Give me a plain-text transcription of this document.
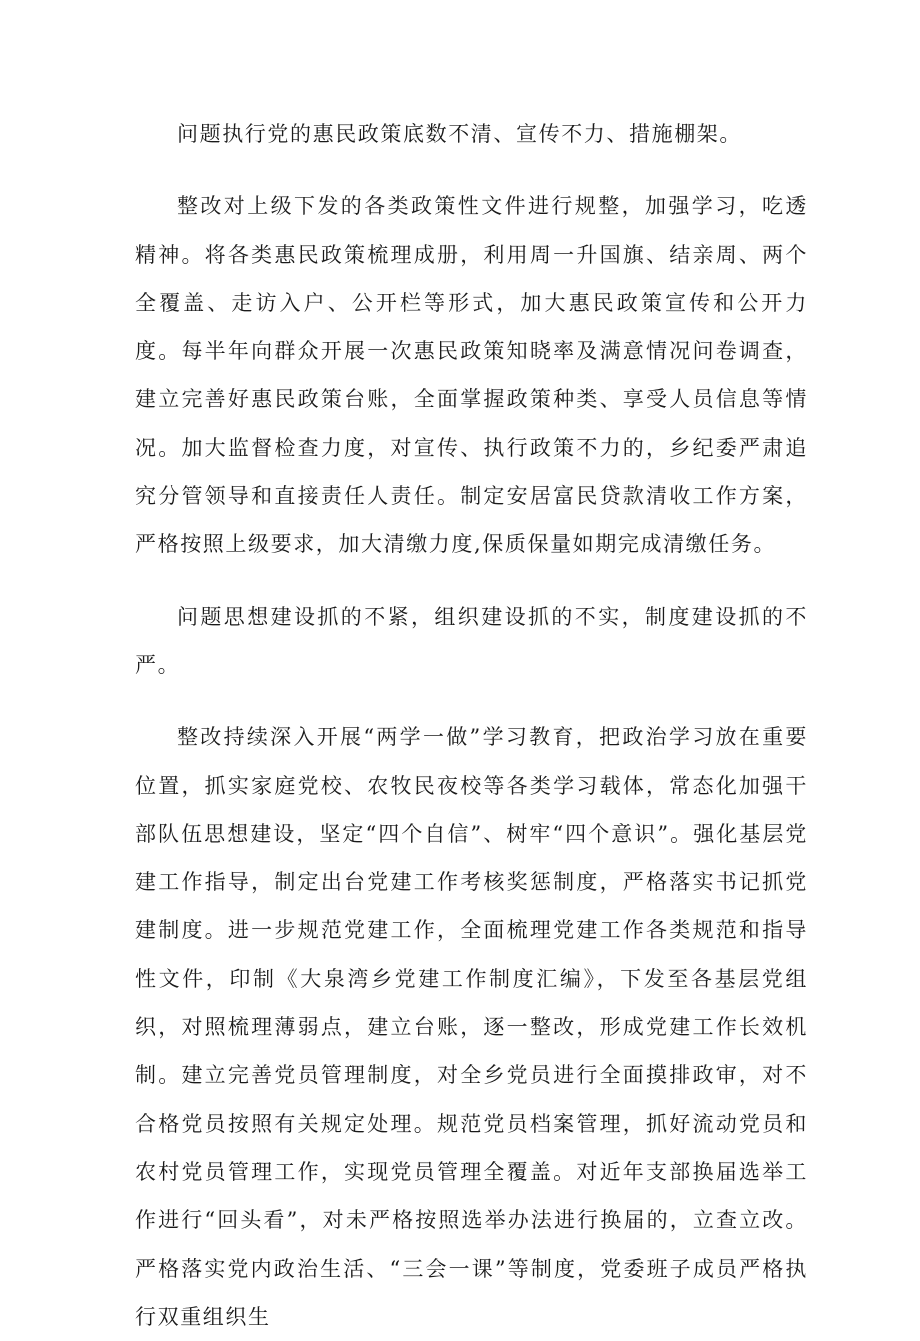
问题执行党的惠民政策底数不清、宣传不力、措施棚架。

整改对上级下发的各类政策性文件进行规整，加强学习，吃透精神。将各类惠民政策梳理成册，利用周一升国旗、结亲周、两个全覆盖、走访入户、公开栏等形式，加大惠民政策宣传和公开力度。每半年向群众开展一次惠民政策知晓率及满意情况问卷调查，建立完善好惠民政策台账，全面掌握政策种类、享受人员信息等情况。加大监督检查力度，对宣传、执行政策不力的，乡纪委严肃追究分管领导和直接责任人责任。制定安居富民贷款清收工作方案，严格按照上级要求，加大清缴力度,保质保量如期完成清缴任务。

问题思想建设抓的不紧，组织建设抓的不实，制度建设抓的不严。

整改持续深入开展“两学一做”学习教育，把政治学习放在重要位置，抓实家庭党校、农牧民夜校等各类学习载体，常态化加强干部队伍思想建设，坚定“四个自信”、树牢“四个意识”。强化基层党建工作指导，制定出台党建工作考核奖惩制度，严格落实书记抓党建制度。进一步规范党建工作，全面梳理党建工作各类规范和指导性文件，印制《大泉湾乡党建工作制度汇编》，下发至各基层党组织，对照梳理薄弱点，建立台账，逐一整改，形成党建工作长效机制。建立完善党员管理制度，对全乡党员进行全面摸排政审，对不合格党员按照有关规定处理。规范党员档案管理，抓好流动党员和农村党员管理工作，实现党员管理全覆盖。对近年支部换届选举工作进行“回头看”，对未严格按照选举办法进行换届的，立查立改。严格落实党内政治生活、“三会一课”等制度，党委班子成员严格执行双重组织生
